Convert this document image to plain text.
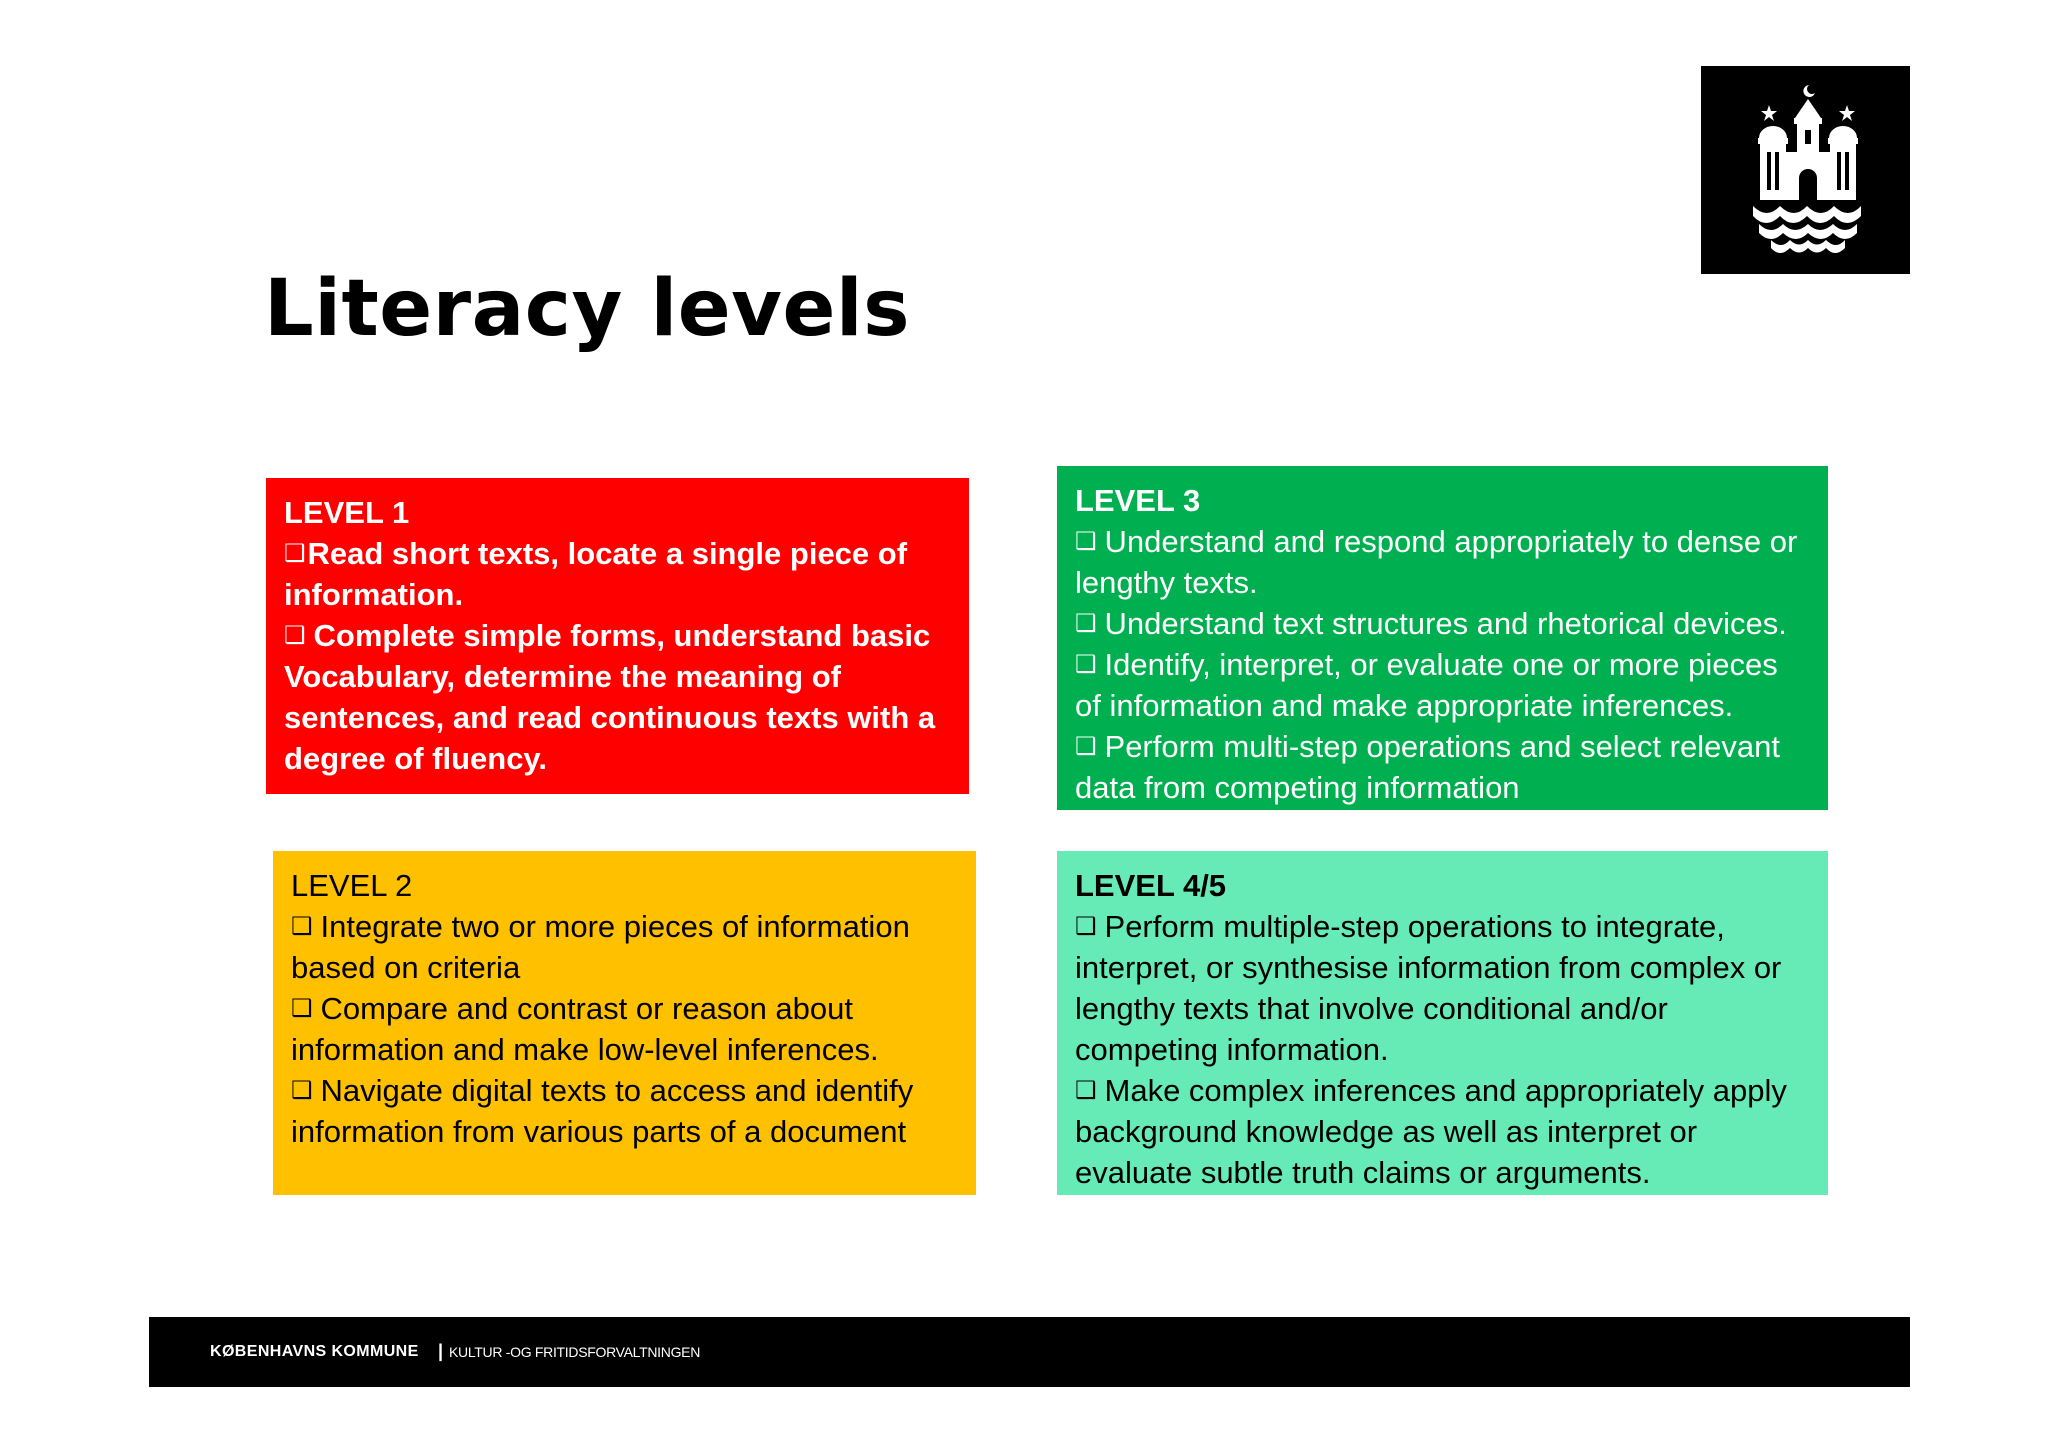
Literacy levels
LEVEL 1
❑Read short texts, locate a single piece of information.
❑ Complete simple forms, understand basic Vocabulary, determine the meaning of sentences, and read continuous texts with a degree of fluency.
LEVEL 3
❑ Understand and respond appropriately to dense or lengthy texts.
❑ Understand text structures and rhetorical devices.
❑ Identify, interpret, or evaluate one or more pieces of information and make appropriate inferences.
❑ Perform multi-step operations and select relevant data from competing information
LEVEL 2
❑ Integrate two or more pieces of information based on criteria
❑ Compare and contrast or reason about information and make low-level inferences.
❑ Navigate digital texts to access and identify information from various parts of a document
LEVEL 4/5
❑ Perform multiple-step operations to integrate, interpret, or synthesise information from complex or lengthy texts that involve conditional and/or competing information.
❑ Make complex inferences and appropriately apply background knowledge as well as interpret or evaluate subtle truth claims or arguments.
KØBENHAVNS KOMMUNE | KULTUR -OG FRITIDSFORVALTNINGEN
